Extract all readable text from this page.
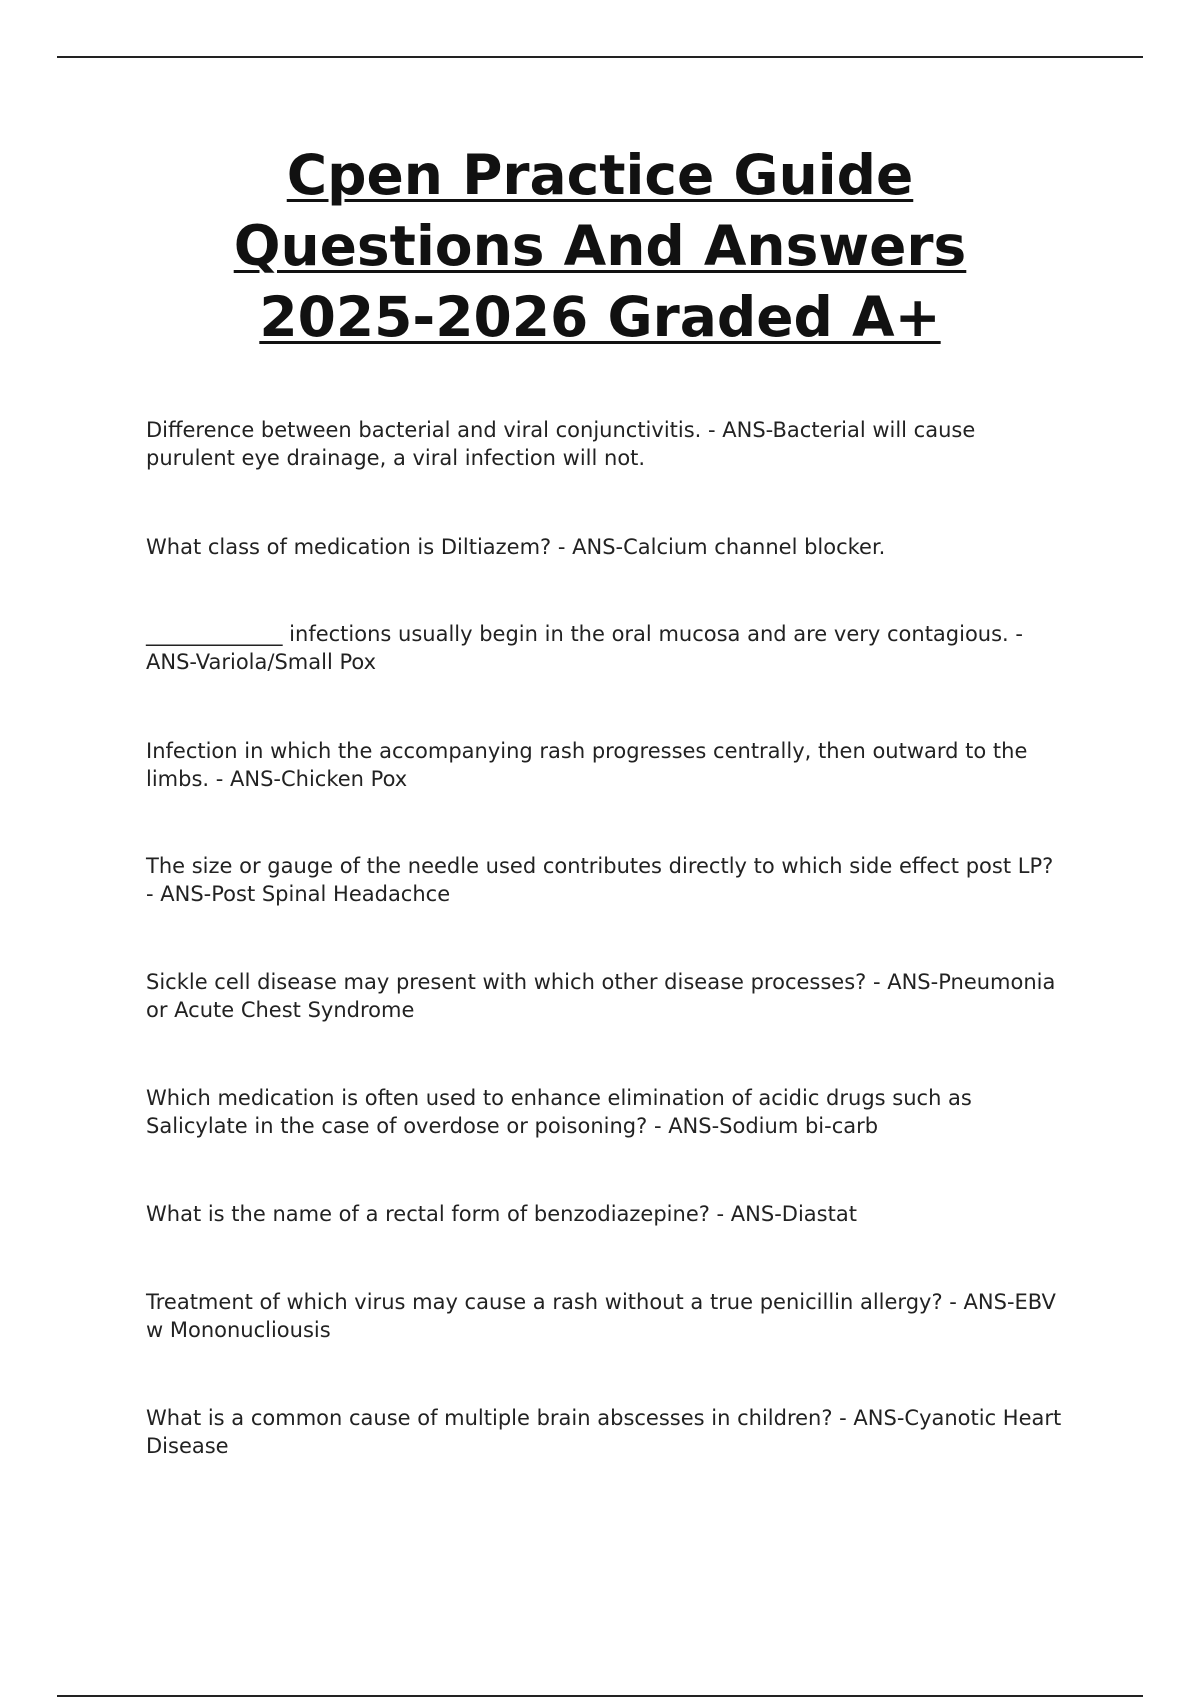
Cpen Practice Guide
Questions And Answers
2025-2026 Graded A+

Difference between bacterial and viral conjunctivitis. - ANS-Bacterial will cause purulent eye drainage, a viral infection will not.

What class of medication is Diltiazem? - ANS-Calcium channel blocker.

_____________ infections usually begin in the oral mucosa and are very contagious. - ANS-Variola/Small Pox

Infection in which the accompanying rash progresses centrally, then outward to the limbs. - ANS-Chicken Pox

The size or gauge of the needle used contributes directly to which side effect post LP? - ANS-Post Spinal Headachce

Sickle cell disease may present with which other disease processes? - ANS-Pneumonia or Acute Chest Syndrome

Which medication is often used to enhance elimination of acidic drugs such as Salicylate in the case of overdose or poisoning? - ANS-Sodium bi-carb

What is the name of a rectal form of benzodiazepine? - ANS-Diastat

Treatment of which virus may cause a rash without a true penicillin allergy? - ANS-EBV w Mononucliousis

What is a common cause of multiple brain abscesses in children? - ANS-Cyanotic Heart Disease
